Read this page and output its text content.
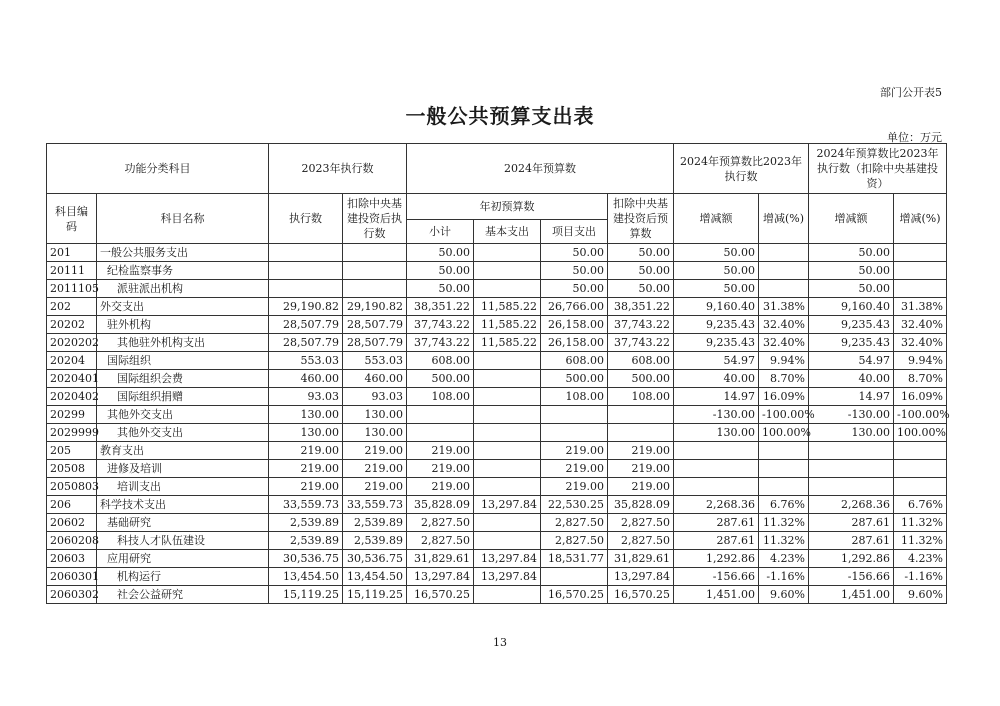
部门公开表5
一般公共预算支出表
单位：万元
功能分类科目		2023年执行数		2024年预算数				2024年预算数比2023年执行数		2024年预算数比2023年执行数（扣除中央基建投资）	
科目编码	科目名称	执行数	扣除中央基建投资后执行数	年初预算数			扣除中央基建投资后预算数	增减额	增减(%)	增减额	增减(%)
				小计	基本支出	项目支出					
201	一般公共服务支出			50.00		50.00	50.00	50.00		50.00	
20111	纪检监察事务			50.00		50.00	50.00	50.00		50.00	
2011105	派驻派出机构			50.00		50.00	50.00	50.00		50.00	
202	外交支出	29,190.82	29,190.82	38,351.22	11,585.22	26,766.00	38,351.22	9,160.40	31.38%	9,160.40	31.38%
20202	驻外机构	28,507.79	28,507.79	37,743.22	11,585.22	26,158.00	37,743.22	9,235.43	32.40%	9,235.43	32.40%
2020202	其他驻外机构支出	28,507.79	28,507.79	37,743.22	11,585.22	26,158.00	37,743.22	9,235.43	32.40%	9,235.43	32.40%
20204	国际组织	553.03	553.03	608.00		608.00	608.00	54.97	9.94%	54.97	9.94%
2020401	国际组织会费	460.00	460.00	500.00		500.00	500.00	40.00	8.70%	40.00	8.70%
2020402	国际组织捐赠	93.03	93.03	108.00		108.00	108.00	14.97	16.09%	14.97	16.09%
20299	其他外交支出	130.00	130.00					-130.00	-100.00%	-130.00	-100.00%
2029999	其他外交支出	130.00	130.00					130.00	100.00%	130.00	100.00%
205	教育支出	219.00	219.00	219.00		219.00	219.00				
20508	进修及培训	219.00	219.00	219.00		219.00	219.00				
2050803	培训支出	219.00	219.00	219.00		219.00	219.00				
206	科学技术支出	33,559.73	33,559.73	35,828.09	13,297.84	22,530.25	35,828.09	2,268.36	6.76%	2,268.36	6.76%
20602	基础研究	2,539.89	2,539.89	2,827.50		2,827.50	2,827.50	287.61	11.32%	287.61	11.32%
2060208	科技人才队伍建设	2,539.89	2,539.89	2,827.50		2,827.50	2,827.50	287.61	11.32%	287.61	11.32%
20603	应用研究	30,536.75	30,536.75	31,829.61	13,297.84	18,531.77	31,829.61	1,292.86	4.23%	1,292.86	4.23%
2060301	机构运行	13,454.50	13,454.50	13,297.84	13,297.84		13,297.84	-156.66	-1.16%	-156.66	-1.16%
2060302	社会公益研究	15,119.25	15,119.25	16,570.25		16,570.25	16,570.25	1,451.00	9.60%	1,451.00	9.60%
13
